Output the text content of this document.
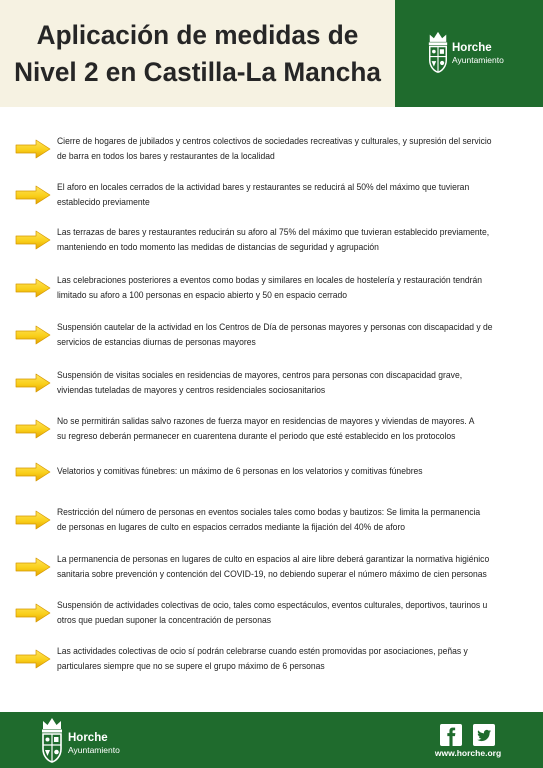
Aplicación de medidas de
Nivel 2 en Castilla-La Mancha
Horche
Ayuntamiento
Cierre de hogares de jubilados y centros colectivos de sociedades recreativas y culturales, y supresión del servicio
de barra en todos los bares y restaurantes de la localidad
El aforo en locales cerrados de la actividad bares y restaurantes se reducirá al 50% del máximo que tuvieran
establecido previamente
Las terrazas de bares y restaurantes reducirán su aforo al 75% del máximo que tuvieran establecido previamente,
manteniendo en todo momento las medidas de distancias de seguridad y agrupación
Las celebraciones posteriores a eventos como bodas y similares en locales de hostelería y restauración tendrán
limitado su aforo a 100 personas en espacio abierto y 50 en espacio cerrado
Suspensión cautelar de la actividad en los Centros de Día de personas mayores y personas con discapacidad y de
servicios de estancias diurnas de personas mayores
Suspensión de visitas sociales en residencias de mayores, centros para personas con discapacidad grave,
viviendas tuteladas de mayores y centros residenciales sociosanitarios
No se permitirán salidas salvo razones de fuerza mayor en residencias de mayores y viviendas de mayores. A
su regreso deberán permanecer en cuarentena durante el periodo que esté establecido en los protocolos
Velatorios y comitivas fúnebres: un máximo de 6 personas en los velatorios y comitivas fúnebres
Restricción del número de personas en eventos sociales tales como bodas y bautizos: Se limita la permanencia
de personas en lugares de culto en espacios cerrados mediante la fijación del 40% de aforo
La permanencia de personas en lugares de culto en espacios al aire libre deberá garantizar la normativa higiénico
sanitaria sobre prevención y contención del COVID-19, no debiendo superar el número máximo de cien personas
Suspensión de actividades colectivas de ocio, tales como espectáculos, eventos culturales, deportivos, taurinos u
otros que puedan suponer la concentración de personas
Las actividades colectivas de ocio sí podrán celebrarse cuando estén promovidas por asociaciones, peñas y
particulares siempre que no se supere el grupo máximo de 6 personas
Horche
Ayuntamiento	www.horche.org
